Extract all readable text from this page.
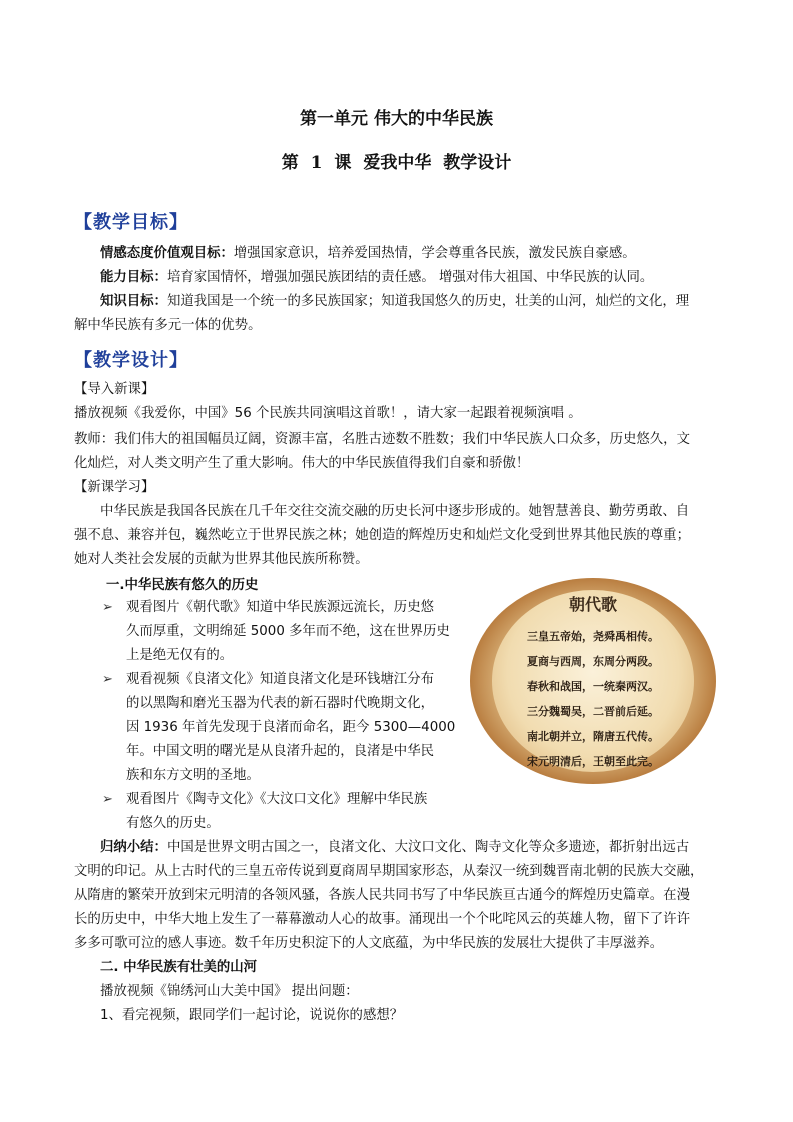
第一单元 伟大的中华民族
第 1 课 爱我中华 教学设计
【教学目标】
情感态度价值观目标：增强国家意识，培养爱国热情，学会尊重各民族，激发民族自豪感。
能力目标：培育家国情怀，增强加强民族团结的责任感。 增强对伟大祖国、中华民族的认同。
知识目标：知道我国是一个统一的多民族国家；知道我国悠久的历史，壮美的山河，灿烂的文化，理
解中华民族有多元一体的优势。
【教学设计】
【导入新课】
播放视频《我爱你，中国》56 个民族共同演唱这首歌！，请大家一起跟着视频演唱 。
教师：我们伟大的祖国幅员辽阔，资源丰富，名胜古迹数不胜数；我们中华民族人口众多，历史悠久，文
化灿烂，对人类文明产生了重大影响。伟大的中华民族值得我们自豪和骄傲！
【新课学习】
中华民族是我国各民族在几千年交往交流交融的历史长河中逐步形成的。她智慧善良、勤劳勇敢、自
强不息、兼容并包，巍然屹立于世界民族之林；她创造的辉煌历史和灿烂文化受到世界其他民族的尊重；
她对人类社会发展的贡献为世界其他民族所称赞。
一.中华民族有悠久的历史
➢ 观看图片《朝代歌》知道中华民族源远流长，历史悠
久而厚重，文明绵延 5000 多年而不绝，这在世界历史
上是绝无仅有的。
➢ 观看视频《良渚文化》知道良渚文化是环钱塘江分布
的以黑陶和磨光玉器为代表的新石器时代晚期文化，
因 1936 年首先发现于良渚而命名，距今 5300—4000
年。中国文明的曙光是从良渚升起的，良渚是中华民
族和东方文明的圣地。
➢ 观看图片《陶寺文化》《大汶口文化》理解中华民族
有悠久的历史。
朝代歌
三皇五帝始，尧舜禹相传。
夏商与西周，东周分两段。
春秋和战国，一统秦两汉。
三分魏蜀吴，二晋前后延。
南北朝并立，隋唐五代传。
宋元明清后，王朝至此完。
归纳小结：中国是世界文明古国之一，良渚文化、大汶口文化、陶寺文化等众多遗迹，都折射出远古
文明的印记。从上古时代的三皇五帝传说到夏商周早期国家形态，从秦汉一统到魏晋南北朝的民族大交融，
从隋唐的繁荣开放到宋元明清的各领风骚，各族人民共同书写了中华民族亘古通今的辉煌历史篇章。在漫
长的历史中，中华大地上发生了一幕幕激动人心的故事。涌现出一个个叱咤风云的英雄人物，留下了许许
多多可歌可泣的感人事迹。数千年历史积淀下的人文底蕴，为中华民族的发展壮大提供了丰厚滋养。
二. 中华民族有壮美的山河
播放视频《锦绣河山大美中国》 提出问题：
1、看完视频，跟同学们一起讨论，说说你的感想？
